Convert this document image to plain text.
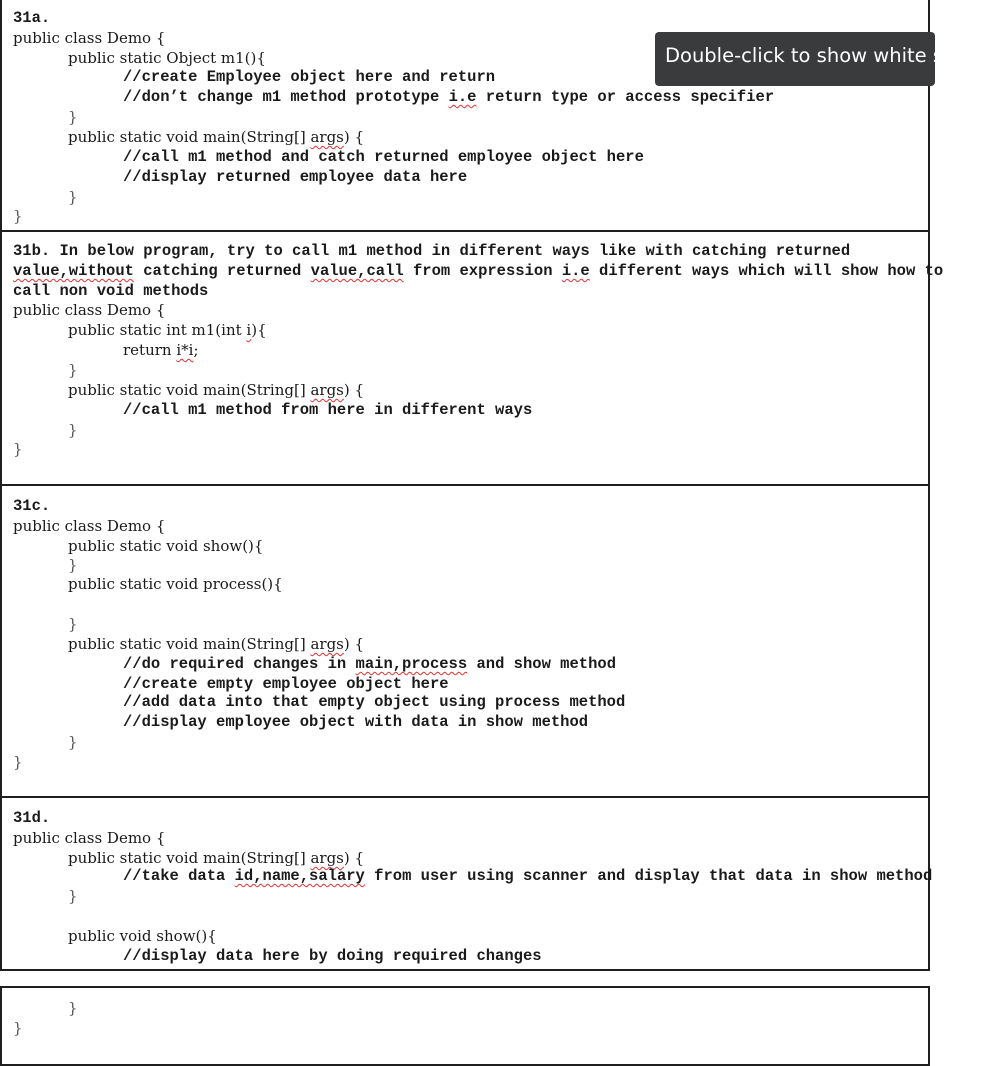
31a.
public class Demo {
public static Object m1(){
//create Employee object here and return
//don’t change m1 method prototype i.e return type or access specifier
}
public static void main(String[] args) {
//call m1 method and catch returned employee object here
//display returned employee data here
}
}
31b. In below program, try to call m1 method in different ways like with catching returned
value,without catching returned value,call from expression i.e different ways which will show how to
call non void methods
public class Demo {
public static int m1(int i){
return i*i;
}
public static void main(String[] args) {
//call m1 method from here in different ways
}
}
31c.
public class Demo {
public static void show(){
}
public static void process(){
}
public static void main(String[] args) {
//do required changes in main,process and show method
//create empty employee object here
//add data into that empty object using process method
//display employee object with data in show method
}
}
31d.
public class Demo {
public static void main(String[] args) {
//take data id,name,salary from user using scanner and display that data in show method
}
public void show(){
//display data here by doing required changes
}
}
Double-click to show white space
